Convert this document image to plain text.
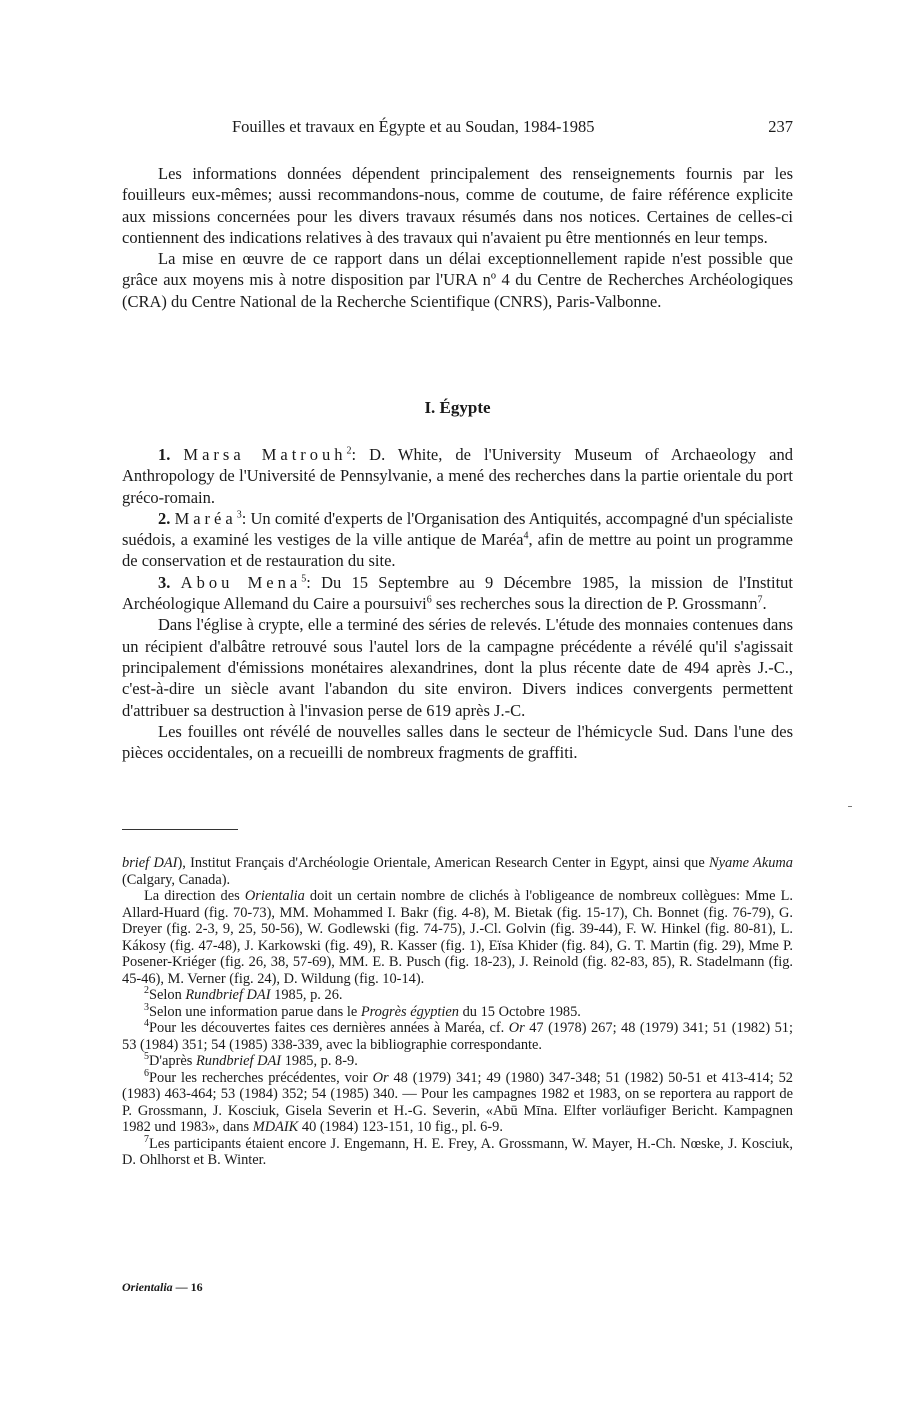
Fouilles et travaux en Égypte et au Soudan, 1984-1985	237

Les informations données dépendent principalement des renseignements fournis par les fouilleurs eux-mêmes; aussi recommandons-nous, comme de coutume, de faire référence explicite aux missions concernées pour les divers travaux résumés dans nos notices. Certaines de celles-ci contiennent des indications relatives à des travaux qui n'avaient pu être mentionnés en leur temps.

La mise en œuvre de ce rapport dans un délai exceptionnellement rapide n'est possible que grâce aux moyens mis à notre disposition par l'URA nº 4 du Centre de Recherches Archéologiques (CRA) du Centre National de la Recherche Scientifique (CNRS), Paris-Valbonne.

I. Égypte

1. Marsa Matrouh$^2$: D. White, de l'University Museum of Archaeology and Anthropology de l'Université de Pennsylvanie, a mené des recherches dans la partie orientale du port gréco-romain.

2. Maréa$^3$: Un comité d'experts de l'Organisation des Antiquités, accompagné d'un spécialiste suédois, a examiné les vestiges de la ville antique de Maréa$^4$, afin de mettre au point un programme de conservation et de restauration du site.

3. Abou Mena$^5$: Du 15 Septembre au 9 Décembre 1985, la mission de l'Institut Archéologique Allemand du Caire a poursuivi$^6$ ses recherches sous la direction de P. Grossmann$^7$.

Dans l'église à crypte, elle a terminé des séries de relevés. L'étude des monnaies contenues dans un récipient d'albâtre retrouvé sous l'autel lors de la campagne précédente a révélé qu'il s'agissait principalement d'émissions monétaires alexandrines, dont la plus récente date de 494 après J.-C., c'est-à-dire un siècle avant l'abandon du site environ. Divers indices convergents permettent d'attribuer sa destruction à l'invasion perse de 619 après J.-C.

Les fouilles ont révélé de nouvelles salles dans le secteur de l'hémicycle Sud. Dans l'une des pièces occidentales, on a recueilli de nombreux fragments de graffiti.

brief DAI), Institut Français d'Archéologie Orientale, American Research Center in Egypt, ainsi que Nyame Akuma (Calgary, Canada).

La direction des Orientalia doit un certain nombre de clichés à l'obligeance de nombreux collègues: Mme L. Allard-Huard (fig. 70-73), MM. Mohammed I. Bakr (fig. 4-8), M. Bietak (fig. 15-17), Ch. Bonnet (fig. 76-79), G. Dreyer (fig. 2-3, 9, 25, 50-56), W. Godlewski (fig. 74-75), J.-Cl. Golvin (fig. 39-44), F. W. Hinkel (fig. 80-81), L. Kákosy (fig. 47-48), J. Karkowski (fig. 49), R. Kasser (fig. 1), Eïsa Khider (fig. 84), G. T. Martin (fig. 29), Mme P. Posener-Kriéger (fig. 26, 38, 57-69), MM. E. B. Pusch (fig. 18-23), J. Reinold (fig. 82-83, 85), R. Stadelmann (fig. 45-46), M. Verner (fig. 24), D. Wildung (fig. 10-14).

$^2$Selon Rundbrief DAI 1985, p. 26.

$^3$Selon une information parue dans le Progrès égyptien du 15 Octobre 1985.

$^4$Pour les découvertes faites ces dernières années à Maréa, cf. Or 47 (1978) 267; 48 (1979) 341; 51 (1982) 51; 53 (1984) 351; 54 (1985) 338-339, avec la bibliographie correspondante.

$^5$D'après Rundbrief DAI 1985, p. 8-9.

$^6$Pour les recherches précédentes, voir Or 48 (1979) 341; 49 (1980) 347-348; 51 (1982) 50-51 et 413-414; 52 (1983) 463-464; 53 (1984) 352; 54 (1985) 340. — Pour les campagnes 1982 et 1983, on se reportera au rapport de P. Grossmann, J. Kosciuk, Gisela Severin et H.-G. Severin, «Abū Mīna. Elfter vorläufiger Bericht. Kampagnen 1982 und 1983», dans MDAIK 40 (1984) 123-151, 10 fig., pl. 6-9.

$^7$Les participants étaient encore J. Engemann, H. E. Frey, A. Grossmann, W. Mayer, H.-Ch. Nœske, J. Kosciuk, D. Ohlhorst et B. Winter.

Orientalia — 16
